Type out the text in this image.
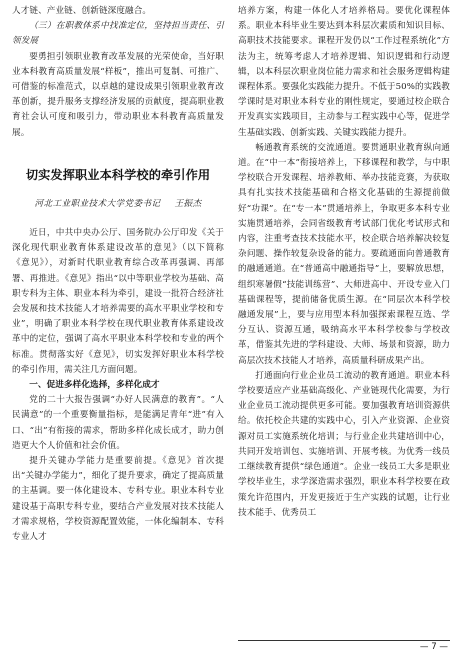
人才链、产业链、创新链深度融合。

（三）在职教体系中找准定位，坚持担当责任、引领发展

要勇担引领职业教育改革发展的光荣使命，当好职业本科教育高质量发展“样板”，推出可复制、可推广、可借鉴的标准范式，以卓越的建设成果引领职业教育改革创新，提升服务支撑经济发展的贡献度，提高职业教育社会认可度和吸引力，带动职业本科教育高质量发展。

切实发挥职业本科学校的牵引作用
河北工业职业技术大学党委书记 王振杰

近日，中共中央办公厅、国务院办公厅印发《关于深化现代职业教育体系建设改革的意见》（以下简称《意见》），对新时代职业教育综合改革再强调、再部署、再推进。《意见》指出“以中等职业学校为基础、高职专科为主体、职业本科为牵引，建设一批符合经济社会发展和技术技能人才培养需要的高水平职业学校和专业”，明确了职业本科学校在现代职业教育体系建设改革中的定位，强调了高水平职业本科学校和专业的两个标准。贯彻落实好《意见》，切实发挥好职业本科学校的牵引作用，需关注几方面问题。

一、促进多样化选择，多样化成才

党的二十大报告强调“办好人民满意的教育”。“人民满意”的一个重要衡量指标，是能满足青年“进”有入口、“出”有衔接的需求，帮助多样化成长成才，助力创造更大个人价值和社会价值。

提升关键办学能力是重要前提。《意见》首次提出“关键办学能力”，细化了提升要求，确定了提高质量的主基调。要一体化建设本、专科专业。职业本科专业建设基于高职专科专业，要结合产业发展对技术技能人才需求规格，学校资源配置效能，一体化编制本、专科专业人才

培养方案，构建一体化人才培养格局。要优化课程体系。职业本科毕业生要达到本科层次素质和知识目标、高职技术技能要求。课程开发仍以“工作过程系统化”方法为主，统筹考虑人才培养逻辑、知识逻辑和行动逻辑，以本科层次职业岗位能力需求和社会服务逻辑构建课程体系。要强化实践能力提升。不低于50%的实践教学课时是对职业本科专业的刚性规定，要通过校企联合开发真实实践项目，主动参与工程实践中心等，促进学生基础实践、创新实践、关键实践能力提升。

畅通教育系统的交流通道。要贯通职业教育纵向通道。在“中一本”衔接培养上，下移课程和教学，与中职学校联合开发课程、培养教师、举办技能竞赛，为获取具有扎实技术技能基础和合格文化基础的生源提前做好“功课”。在“专一本”贯通培养上，争取更多本科专业实施贯通培养，会同省级教育考试部门优化考试形式和内容，注重考查技术技能水平，校企联合培养解决较复杂问题、操作较复杂设备的能力。要疏通面向普通教育的融通通道。在“普通高中融通指导”上，要解放思想，组织寒暑假“技能训练营”、大师进高中、开设专业入门基础课程等，提前储备优质生源。在“同层次本科学校融通发展”上，要与应用型本科加强探索课程互选、学分互认、资源互通，吸纳高水平本科学校参与学校改革，借鉴其先进的学科建设、大师、场景和资源，助力高层次技术技能人才培养，高质量科研成果产出。

打通面向行业企业员工流动的教育通道。职业本科学校要适应产业基础高级化、产业链现代化需要，为行业企业员工流动提供更多可能。要加强教育培训资源供给。依托校企共建的实践中心，引入产业资源、企业资源对员工实施系统化培训；与行业企业共建培训中心，共同开发培训包、实施培训、开展考核。为优秀一线员工继续教育提供“绿色通道”。企业一线员工大多是职业学校毕业生，求学深造需求强烈，职业本科学校要在政策允许范围内，开发更接近于生产实践的试题，让行业技术能手、优秀员工

— 7 —
